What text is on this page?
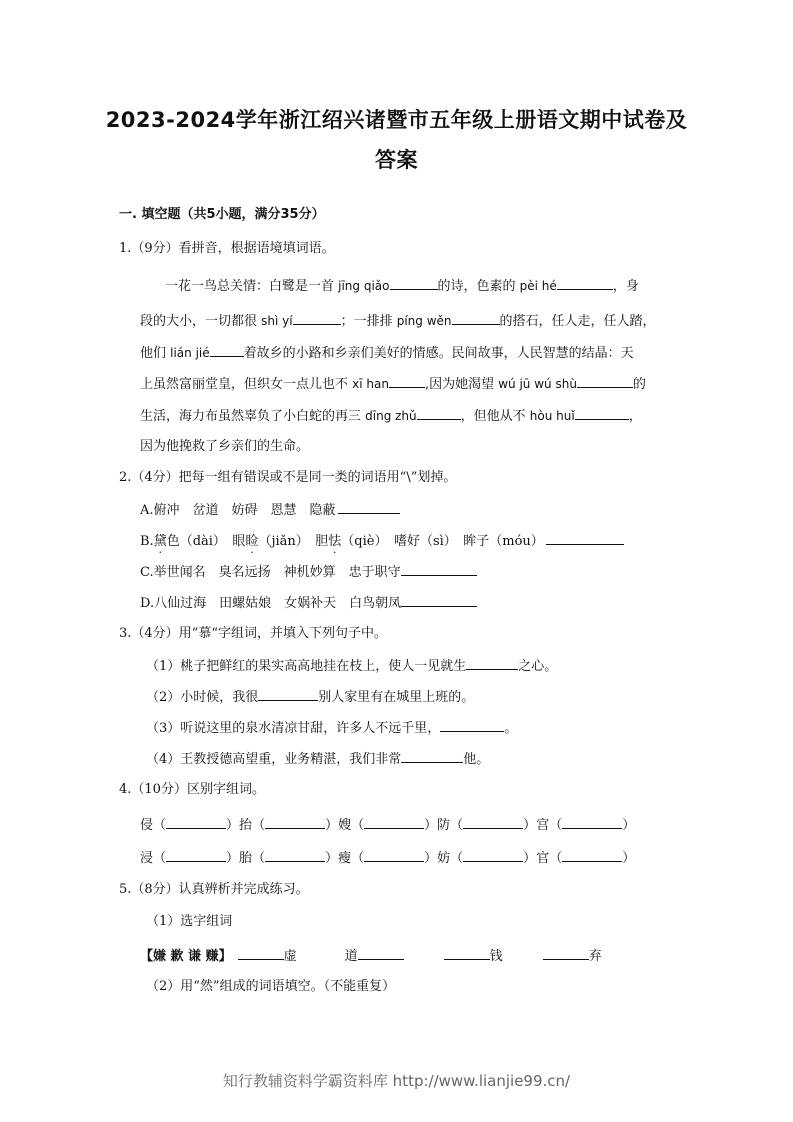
2023-2024学年浙江绍兴诸暨市五年级上册语文期中试卷及
答案
一. 填空题（共5小题，满分35分）
1.（9分）看拼音，根据语境填词语。
一花一鸟总关情：白鹭是一首 jīng qiǎo	的诗，色素的 pèi hé	，身
段的大小，一切都很 shì yí	；一排排 píng wěn	的搭石，任人走，任人踏，
他们 lián jié	着故乡的小路和乡亲们美好的情感。民间故事，人民智慧的结晶：天
上虽然富丽堂皇，但织女一点儿也不 xī han	,因为她渴望 wú jū wú shù	的
生活，海力布虽然辜负了小白蛇的再三 dīng zhǔ	，但他从不 hòu huǐ	，
因为他挽救了乡亲们的生命。
2.（4分）把每一组有错误或不是同一类的词语用“\”划掉。
A.俯冲　岔道　妨碍　恩慧　隐蔽
B.黛色（dài）　眼睑（jiǎn）　胆怯（qiè）　嗜好（sì）　眸子（móu）
C.举世闻名　臭名远扬　神机妙算　忠于职守
D.八仙过海　田螺姑娘　女娲补天　白鸟朝凤
3.（4分）用“慕“字组词，并填入下列句子中。
（1）桃子把鲜红的果实高高地挂在枝上，使人一见就生	之心。
（2）小时候，我很	别人家里有在城里上班的。
（3）听说这里的泉水清凉甘甜，许多人不远千里，	。
（4）王教授德高望重，业务精湛，我们非常	他。
4.（10分）区别字组词。
侵（	）抬（	）嫂（	）防（	）宫（	）
浸（	）胎（	）瘦（	）妨（	）官（	）
5.（8分）认真辨析并完成练习。
（1）选字组词
【嫌 歉 谦 赚】	虚	道	钱	弃
（2）用“然”组成的词语填空。（不能重复）
知行教辅资料学霸资料库 http://www.lianjie99.cn/
